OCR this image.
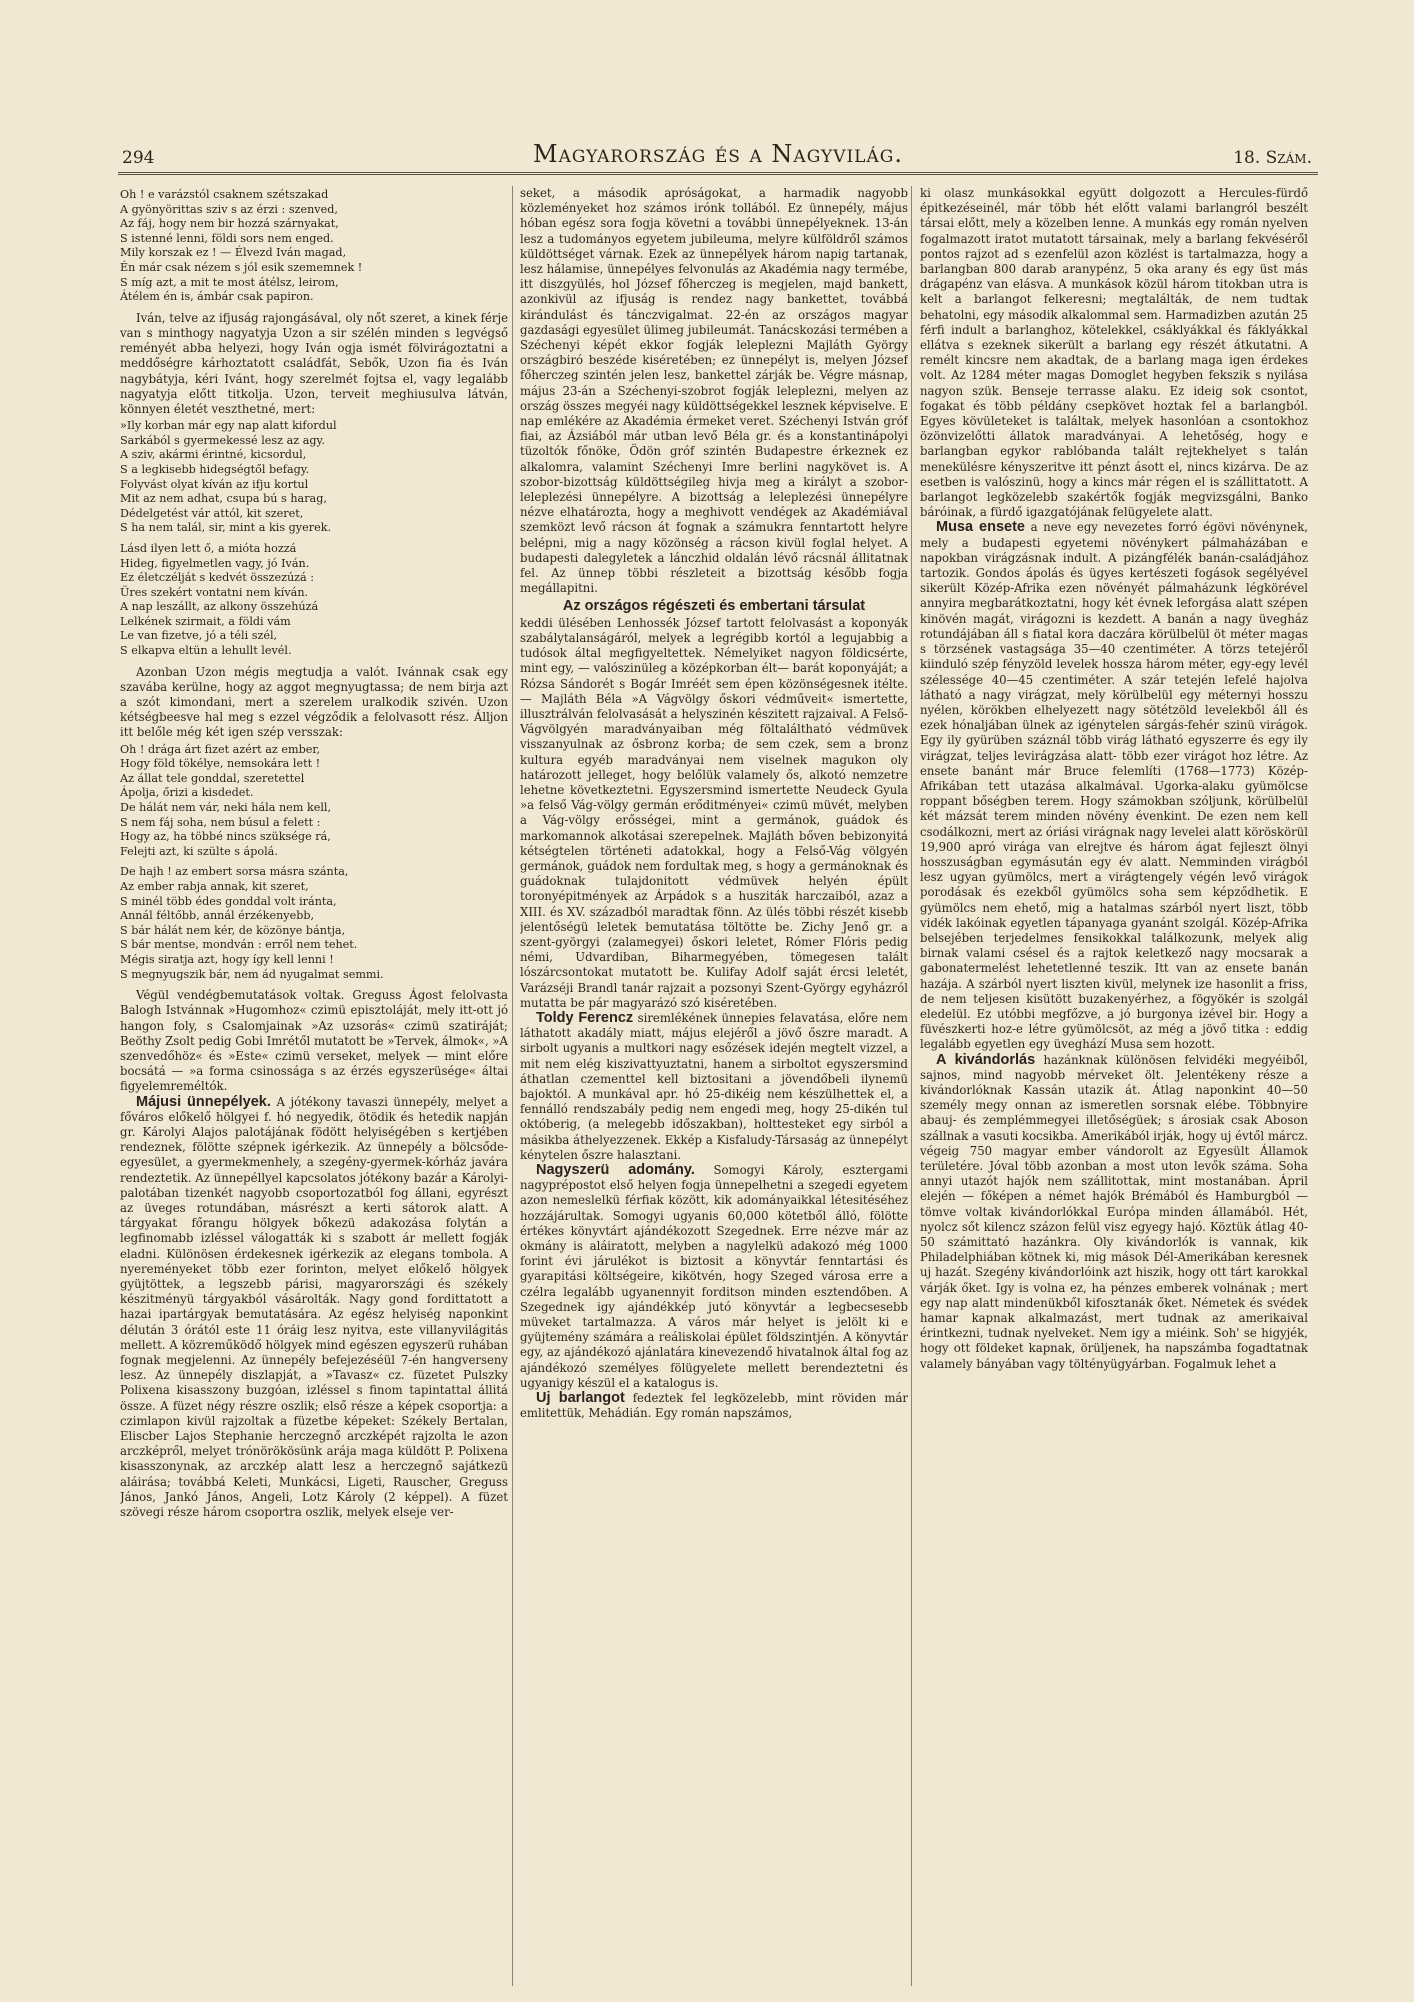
294	Magyarország és a Nagyvilág.	18. Szám.
Oh ! e varázstól csaknem szétszakad
A gyönyörittas sziv s az érzi : szenved,
Az fáj, hogy nem bir hozzá szárnyakat,
S istenné lenni, földi sors nem enged.
Mily korszak ez ! — Élvezd Iván magad,
Én már csak nézem s jól esik szememnek !
S míg azt, a mit te most átélsz, leirom,
Átélem én is, ámbár csak papiron.

Iván, telve az ifjuság rajongásával, oly nőt szeret, a kinek férje van s minthogy nagyatyja Uzon a sir szélén minden s legvégső reményét abba helyezi, hogy Iván ogja ismét fölvirágoztatni a meddőségre kárhoztatott családfát, Sebők, Uzon fia és Iván nagybátyja, kéri Ivánt, hogy szerelmét fojtsa el, vagy legalább nagyatyja előtt titkolja. Uzon, terveit meghiusulva látván, könnyen életét veszthetné, mert:

»Ily korban már egy nap alatt kifordul
Sarkából s gyermekessé lesz az agy.
A sziv, akármi érintné, kicsordul,
S a legkisebb hidegségtől befagy.
Folyvást olyat kíván az ifju kortul
Mit az nem adhat, csupa bú s harag,
Dédelgetést vár attól, kit szeret,
S ha nem talál, sir, mint a kis gyerek.
Lásd ilyen lett ő, a mióta hozzá
Hideg, figyelmetlen vagy, jó Iván.
Ez életczélját s kedvét összezúzá :
Üres szekért vontatni nem kíván.
A nap leszállt, az alkony összehúzá
Lelkének szirmait, a földi vám
Le van fizetve, jó a téli szél,
S elkapva eltün a lehullt levél.

Azonban Uzon mégis megtudja a valót. Ivánnak csak egy szavába kerülne, hogy az aggot megnyugtassa; de nem birja azt a szót kimondani, mert a szerelem uralkodik szivén. Uzon kétségbeesve hal meg s ezzel végződik a felolvasott rész. Álljon itt belőle még két igen szép versszak:

Oh ! drága árt fizet azért az ember,
Hogy föld tökélye, nemsokára lett !
Az állat tele gonddal, szeretettel
Ápolja, őrizi a kisdedet.
De hálát nem vár, neki hála nem kell,
S nem fáj soha, nem búsul a felett :
Hogy az, ha többé nincs szüksége rá,
Felejti azt, ki szülte s ápolá.
De hajh ! az embert sorsa másra szánta,
Az ember rabja annak, kit szeret,
S minél több édes gonddal volt iránta,
Annál féltőbb, annál érzékenyebb,
S bár hálát nem kér, de közönye bántja,
S bár mentse, mondván : erről nem tehet.
Mégis siratja azt, hogy így kell lenni !
S megnyugszik bár, nem ád nyugalmat semmi.

Végül vendégbemutatások voltak. Greguss Ágost felolvasta Balogh Istvánnak »Hugomhoz« czimü episztoláját, mely itt-ott jó hangon foly, s Csalomjainak »Az uzsorás« czimü szatiráját; Beöthy Zsolt pedig Gobi Imrétől mutatott be »Tervek, álmok«, »A szenvedőhöz« és »Este« czimü verseket, melyek — mint előre bocsátá — »a forma csinossága s az érzés egyszerüsége« áltai figyelemreméltók.

Májusi ünnepélyek. A jótékony tavaszi ünnepély, melyet a főváros előkelő hölgyei f. hó negyedik, ötödik és hetedik napján gr. Károlyi Alajos palotájának födött helyiségében s kertjében rendeznek, fölötte szépnek igérkezik. Az ünnepély a bölcsőde-egyesület, a gyermekmenhely, a szegény-gyermek-kórház javára rendeztetik. Az ünnepéllyel kapcsolatos jótékony bazár a Károlyi-palotában tizenkét nagyobb csoportozatból fog állani, egyrészt az üveges rotundában, másrészt a kerti sátorok alatt. A tárgyakat főrangu hölgyek bőkezü adakozása folytán a legfinomabb izléssel válogatták ki s szabott ár mellett fogják eladni. Különösen érdekesnek igérkezik az elegans tombola. A nyereményeket több ezer forinton, melyet előkelő hölgyek gyüjtöttek, a legszebb párisi, magyarországi és székely készitményü tárgyakból vásárolták. Nagy gond fordittatott a hazai ipartárgyak bemutatására. Az egész helyiség naponkint délután 3 órától este 11 óráig lesz nyitva, este villanyvilágitás mellett. A közreműködő hölgyek mind egészen egyszerü ruhában fognak megjelenni. Az ünnepély befejezéséül 7-én hangverseny lesz. Az ünnepély diszlapját, a »Tavasz« cz. füzetet Pulszky Polixena kisasszony buzgóan, izléssel s finom tapintattal állitá össze. A füzet négy részre oszlik; első része a képek csoportja: a czimlapon kivül rajzoltak a füzetbe képeket: Székely Bertalan, Eliscber Lajos Stephanie herczegnő arczképét rajzolta le azon arczképről, melyet trónörökösünk arája maga küldött P. Polixena kisasszonynak, az arczkép alatt lesz a herczegnő sajátkezü aláirása; továbbá Keleti, Munkácsi, Ligeti, Rauscher, Greguss János, Jankó János, Angeli, Lotz Károly (2 képpel). A füzet szövegi része három csoportra oszlik, melyek elseje ver-

seket, a második apróságokat, a harmadik nagyobb közleményeket hoz számos irónk tollából. Ez ünnepély, május hóban egész sora fogja követni a további ünnepélyeknek. 13-án lesz a tudományos egyetem jubileuma, melyre külföldről számos küldöttséget várnak. Ezek az ünnepélyek három napig tartanak, lesz hálamise, ünnepélyes felvonulás az Akadémia nagy termébe, itt diszgyülés, hol József főherczeg is megjelen, majd bankett, azonkivül az ifjuság is rendez nagy bankettet, továbbá kirándulást és tánczvigalmat. 22-én az országos magyar gazdasági egyesület ülimeg jubileumát. Tanácskozási termében a Széchenyi képét ekkor fogják leleplezni Majláth György országbiró beszéde kiséretében; ez ünnepélyt is, melyen József főherczeg szintén jelen lesz, bankettel zárják be. Végre másnap, május 23-án a Széchenyi-szobrot fogják leleplezni, melyen az ország összes megyéi nagy küldöttségekkel lesznek képviselve. E nap emlékére az Akadémia érmeket veret. Széchenyi István gróf fiai, az Ázsiából már utban levő Béla gr. és a konstantinápolyi tüzoltók főnöke, Ödön gróf szintén Budapestre érkeznek ez alkalomra, valamint Széchenyi Imre berlini nagykövet is. A szobor-bizottság küldöttségileg hivja meg a királyt a szobor-leleplezési ünnepélyre. A bizottság a leleplezési ünnepélyre nézve elhatározta, hogy a meghivott vendégek az Akadémiával szemközt levő rácson át fognak a számukra fenntartott helyre belépni, mig a nagy közönség a rácson kivül foglal helyet. A budapesti dalegyletek a lánczhid oldalán lévő rácsnál állitatnak fel. Az ünnep többi részleteit a bizottság később fogja megállapitni.

Az országos régészeti és embertani társulat

keddi ülésében Lenhossék József tartott felolvasást a koponyák szabálytalanságáról, melyek a legrégibb kortól a legujabbig a tudósok által megfigyeltettek. Némelyiket nagyon földicsérte, mint egy, — valószinüleg a középkorban élt— barát koponyáját; a Rózsa Sándorét s Bogár Imréét sem épen közönségesnek itélte. — Majláth Béla »A Vágvölgy őskori védműveit« ismertette, illusztrálván felolvasását a helyszinén készitett rajzaival. A Felső-Vágvölgyén maradványaiban még föltaláltható védmüvek visszanyulnak az ősbronz korba; de sem czek, sem a bronz kultura egyéb maradványai nem viselnek magukon oly határozott jelleget, hogy belőlük valamely ős, alkotó nemzetre lehetne következtetni. Egyszersmind ismertette Neudeck Gyula »a felső Vág-völgy germán erőditményei« czimü müvét, melyben a Vág-völgy erősségei, mint a germánok, guádok és markomannok alkotásai szerepelnek. Majláth bőven bebizonyitá kétségtelen történeti adatokkal, hogy a Felső-Vág völgyén germánok, guádok nem fordultak meg, s hogy a germánoknak és guádoknak tulajdonitott védmüvek helyén épült toronyépitmények az Árpádok s a husziták harczaiból, azaz a XIII. és XV. századból maradtak fönn. Az ülés többi részét kisebb jelentőségü leletek bemutatása töltötte be. Zichy Jenő gr. a szent-györgyi (zalamegyei) őskori leletet, Rómer Flóris pedig némi, Udvardiban, Biharmegyében, tömegesen talált lószárcsontokat mutatott be. Kulifay Adolf saját ércsi leletét, Varázséji Brandl tanár rajzait a pozsonyi Szent-György egyházról mutatta be pár magyarázó szó kiséretében.

Toldy Ferencz siremlékének ünnepies felavatása, előre nem láthatott akadály miatt, május elejéről a jövő őszre maradt. A sirbolt ugyanis a multkori nagy esőzések idején megtelt vizzel, a mit nem elég kiszivattyuztatni, hanem a sirboltot egyszersmind áthatlan czementtel kell biztositani a jövendőbeli ilynemü bajoktól. A munkával apr. hó 25-dikéig nem készülhettek el, a fennálló rendszabály pedig nem engedi meg, hogy 25-dikén tul októberig, (a melegebb időszakban), holttesteket egy sirból a másikba áthelyezzenek. Ekkép a Kisfaludy-Társaság az ünnepélyt kénytelen őszre halasztani.

Nagyszerü adomány. Somogyi Károly, esztergami nagyprépostot első helyen fogja ünnepelhetni a szegedi egyetem azon nemeslelkü férfiak között, kik adományaikkal létesitéséhez hozzájárultak. Somogyi ugyanis 60,000 kötetből álló, fölötte értékes könyvtárt ajándékozott Szegednek. Erre nézve már az okmány is aláiratott, melyben a nagylelkü adakozó még 1000 forint évi járulékot is biztosit a könyvtár fenntartási és gyarapitási költségeire, kikötvén, hogy Szeged városa erre a czélra legalább ugyanennyit forditson minden esztendőben. A Szegednek igy ajándékkép jutó könyvtár a legbecsesebb müveket tartalmazza. A város már helyet is jelölt ki e gyüjtemény számára a reáliskolai épület földszintjén. A könyvtár egy, az ajándékozó ajánlatára kinevezendő hivatalnok által fog az ajándékozó személyes fölügyelete mellett berendeztetni és ugyanigy készül el a katalogus is.

Uj barlangot fedeztek fel legközelebb, mint röviden már emlitettük, Mehádián. Egy román napszámos,

ki olasz munkásokkal együtt dolgozott a Hercules-fürdő épitkezéseinél, már több hét előtt valami barlangról beszélt társai előtt, mely a közelben lenne. A munkás egy román nyelven fogalmazott iratot mutatott társainak, mely a barlang fekvéséről pontos rajzot ad s ezenfelül azon közlést is tartalmazza, hogy a barlangban 800 darab aranypénz, 5 oka arany és egy üst más drágapénz van elásva. A munkások közül három titokban utra is kelt a barlangot felkeresni; megtalálták, de nem tudtak behatolni, egy második alkalommal sem. Harmadizben azután 25 férfi indult a barlanghoz, kötelekkel, csáklyákkal és fáklyákkal ellátva s ezeknek sikerült a barlang egy részét átkutatni. A remélt kincsre nem akadtak, de a barlang maga igen érdekes volt. Az 1284 méter magas Domoglet hegyben fekszik s nyilása nagyon szük. Benseje terrasse alaku. Ez ideig sok csontot, fogakat és több példány csepkövet hoztak fel a barlangból. Egyes kövületeket is találtak, melyek hasonlóan a csontokhoz özönvizelőtti állatok maradványai. A lehetőség, hogy e barlangban egykor rablóbanda talált rejtekhelyet s talán menekülésre kényszeritve itt pénzt ásott el, nincs kizárva. De az esetben is valószinü, hogy a kincs már régen el is szállittatott. A barlangot legközelebb szakértők fogják megvizsgálni, Banko báróinak, a fürdő igazgatójának felügyelete alatt.

Musa ensete a neve egy nevezetes forró égövi növénynek, mely a budapesti egyetemi növénykert pálmaházában e napokban virágzásnak indult. A pizángfélék banán-családjához tartozik. Gondos ápolás és ügyes kertészeti fogások segélyével sikerült Közép-Afrika ezen növényét pálmaházunk légkörével annyira megbarátkoztatni, hogy két évnek leforgása alatt szépen kinövén magát, virágozni is kezdett. A banán a nagy üvegház rotundájában áll s fiatal kora daczára körülbelül öt méter magas s törzsének vastagsága 35—40 czentiméter. A törzs tetejéről kiinduló szép fényzöld levelek hossza három méter, egy-egy levél szélessége 40—45 czentiméter. A szár tetején lefelé hajolva látható a nagy virágzat, mely körülbelül egy méternyi hosszu nyélen, körökben elhelyezett nagy sötétzöld levelekből áll és ezek hónaljában ülnek az igénytelen sárgás-fehér szinü virágok. Egy ily gyürüben száznál több virág látható egyszerre és egy ily virágzat, teljes levirágzása alatt- több ezer virágot hoz létre. Az ensete banánt már Bruce felemlíti (1768—1773) Közép-Afrikában tett utazása alkalmával. Ugorka-alaku gyümölcse roppant bőségben terem. Hogy számokban szóljunk, körülbelül két mázsát terem minden növény évenkint. De ezen nem kell csodálkozni, mert az óriási virágnak nagy levelei alatt köröskörül 19,900 apró virága van elrejtve és három ágat fejleszt ölnyi hosszuságban egymásután egy év alatt. Nemminden virágból lesz ugyan gyümölcs, mert a virágtengely végén levő virágok porodásak és ezekből gyümölcs soha sem képződhetik. E gyümölcs nem ehető, mig a hatalmas szárból nyert liszt, több vidék lakóinak egyetlen tápanyaga gyanánt szolgál. Közép-Afrika belsejében terjedelmes fensikokkal találkozunk, melyek alig birnak valami csésel és a rajtok keletkező nagy mocsarak a gabonatermelést lehetetlenné teszik. Itt van az ensete banán hazája. A szárból nyert liszten kivül, melynek ize hasonlit a friss, de nem teljesen kisütött buzakenyérhez, a fögyökér is szolgál eledelül. Ez utóbbi megfőzve, a jó burgonya izével bir. Hogy a füvészkerti hoz-e létre gyümölcsöt, az még a jövő titka : eddig legalább egyetlen egy üveghází Musa sem hozott.

A kivándorlás hazánknak különösen felvidéki megyéiből, sajnos, mind nagyobb mérveket ölt. Jelentékeny része a kivándorlóknak Kassán utazik át. Átlag naponkint 40—50 személy megy onnan az ismeretlen sorsnak elébe. Többnyire abauj- és zemplémmegyei illetőségüek; s árosiak csak Aboson szállnak a vasuti kocsikba. Amerikából irják, hogy uj évtől márcz. végeig 750 magyar ember vándorolt az Egyesült Államok területére. Jóval több azonban a most uton levők száma. Soha annyi utazót hajók nem szállitottak, mint mostanában. Ápril elején — főképen a német hajók Brémából és Hamburgból — tömve voltak kivándorlókkal Európa minden államából. Hét, nyolcz sőt kilencz százon felül visz egyegy hajó. Köztük átlag 40-50 számittató hazánkra. Oly kivándorlók is vannak, kik Philadelphiában kötnek ki, mig mások Dél-Amerikában keresnek uj hazát. Szegény kivándorlóink azt hiszik, hogy ott tárt karokkal várják őket. Igy is volna ez, ha pénzes emberek volnának ; mert egy nap alatt mindenükből kifosztanák őket. Németek és svédek hamar kapnak alkalmazást, mert tudnak az amerikaival érintkezni, tudnak nyelveket. Nem igy a miéink. Soh' se higyjék, hogy ott földeket kapnak, örüljenek, ha napszámba fogadtatnak valamely bányában vagy töltényügyárban. Fogalmuk lehet a
